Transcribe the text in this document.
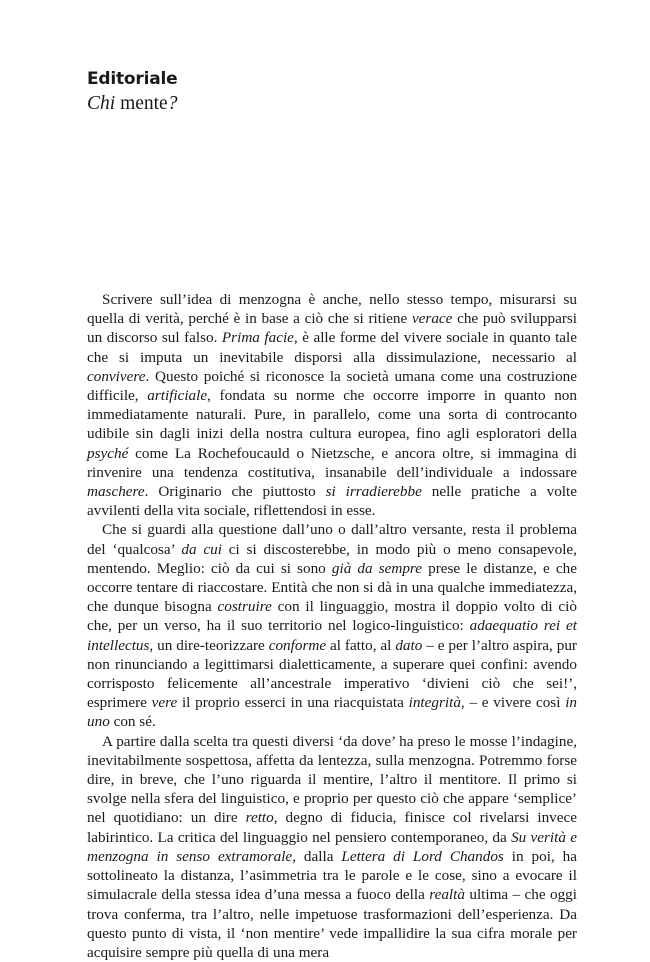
Editoriale
Chi mente?

Scrivere sull’idea di menzogna è anche, nello stesso tempo, misurarsi su quella di verità, perché è in base a ciò che si ritiene verace che può svilupparsi un discorso sul falso. Prima facie, è alle forme del vivere sociale in quanto tale che si imputa un inevitabile disporsi alla dissimulazione, necessario al convivere. Questo poiché si riconosce la società umana come una costruzione difficile, artificiale, fondata su norme che occorre imporre in quanto non immediatamente naturali. Pure, in parallelo, come una sorta di controcanto udibile sin dagli inizi della nostra cultura europea, fino agli esploratori della psyché come La Rochefoucauld o Nietzsche, e ancora oltre, si immagina di rinvenire una tendenza costitutiva, insanabile dell’individuale a indossare maschere. Originario che piuttosto si irradierebbe nelle pratiche a volte avvilenti della vita sociale, riflettendosi in esse.

Che si guardi alla questione dall’uno o dall’altro versante, resta il problema del ‘qualcosa’ da cui ci si discosterebbe, in modo più o meno consapevole, mentendo. Meglio: ciò da cui si sono già da sempre prese le distanze, e che occorre tentare di riaccostare. Entità che non si dà in una qualche immediatezza, che dunque bisogna costruire con il linguaggio, mostra il doppio volto di ciò che, per un verso, ha il suo territorio nel logico-linguistico: adaequatio rei et intellectus, un dire-teorizzare conforme al fatto, al dato – e per l’altro aspira, pur non rinunciando a legittimarsi dialetticamente, a superare quei confini: avendo corrisposto felicemente all’ancestrale imperativo ‘divieni ciò che sei!’, esprimere vere il proprio esserci in una riacquistata integrità, – e vivere così in uno con sé.

A partire dalla scelta tra questi diversi ‘da dove’ ha preso le mosse l’indagine, inevitabilmente sospettosa, affetta da lentezza, sulla menzogna. Potremmo forse dire, in breve, che l’uno riguarda il mentire, l’altro il mentitore. Il primo si svolge nella sfera del linguistico, e proprio per questo ciò che appare ‘semplice’ nel quotidiano: un dire retto, degno di fiducia, finisce col rivelarsi invece labirintico. La critica del linguaggio nel pensiero contemporaneo, da Su verità e menzogna in senso extramorale, dalla Lettera di Lord Chandos in poi, ha sottolineato la distanza, l’asimmetria tra le parole e le cose, sino a evocare il simulacrale della stessa idea d’una messa a fuoco della realtà ultima – che oggi trova conferma, tra l’altro, nelle impetuose trasformazioni dell’esperienza. Da questo punto di vista, il ‘non mentire’ vede impallidire la sua cifra morale per acquisire sempre più quella di una mera
